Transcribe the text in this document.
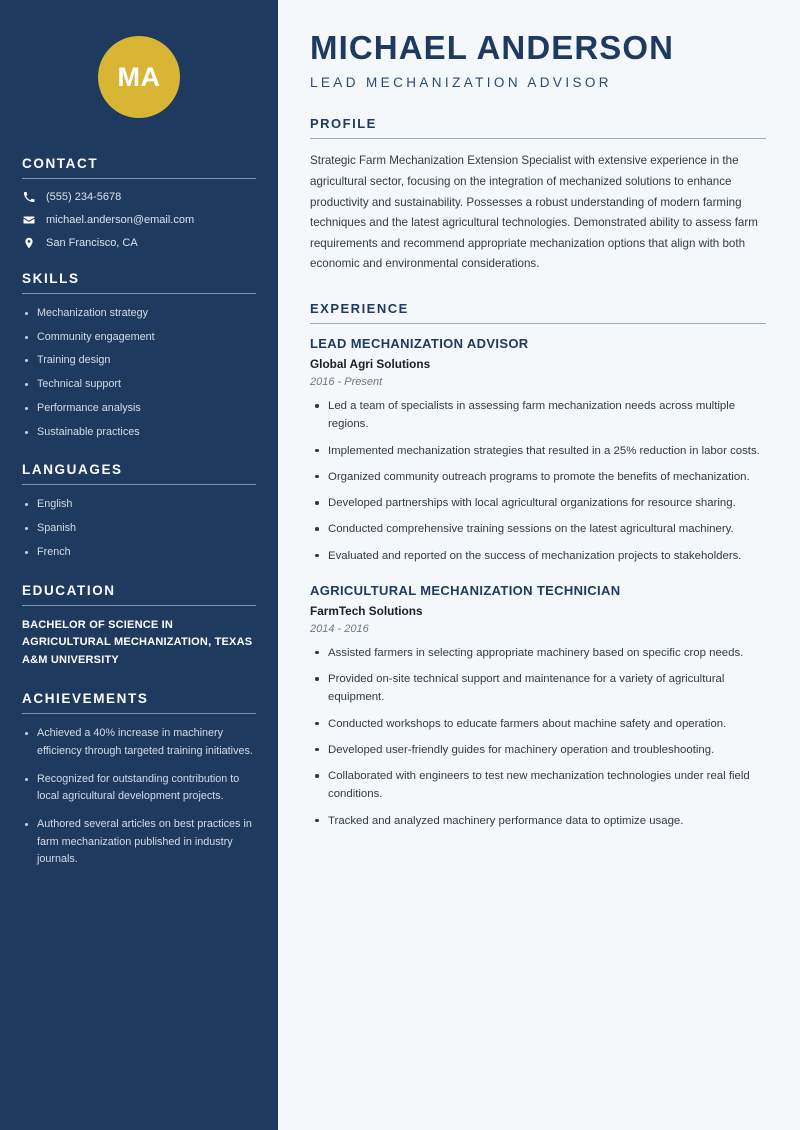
MA
CONTACT
(555) 234-5678
michael.anderson@email.com
San Francisco, CA
SKILLS
Mechanization strategy
Community engagement
Training design
Technical support
Performance analysis
Sustainable practices
LANGUAGES
English
Spanish
French
EDUCATION
BACHELOR OF SCIENCE IN AGRICULTURAL MECHANIZATION, TEXAS A&M UNIVERSITY
ACHIEVEMENTS
Achieved a 40% increase in machinery efficiency through targeted training initiatives.
Recognized for outstanding contribution to local agricultural development projects.
Authored several articles on best practices in farm mechanization published in industry journals.
MICHAEL ANDERSON
LEAD MECHANIZATION ADVISOR
PROFILE

Strategic Farm Mechanization Extension Specialist with extensive experience in the agricultural sector, focusing on the integration of mechanized solutions to enhance productivity and sustainability. Possesses a robust understanding of modern farming techniques and the latest agricultural technologies. Demonstrated ability to assess farm requirements and recommend appropriate mechanization options that align with both economic and environmental considerations.

EXPERIENCE
LEAD MECHANIZATION ADVISOR
Global Agri Solutions
2016 - Present
Led a team of specialists in assessing farm mechanization needs across multiple regions.
Implemented mechanization strategies that resulted in a 25% reduction in labor costs.
Organized community outreach programs to promote the benefits of mechanization.
Developed partnerships with local agricultural organizations for resource sharing.
Conducted comprehensive training sessions on the latest agricultural machinery.
Evaluated and reported on the success of mechanization projects to stakeholders.
AGRICULTURAL MECHANIZATION TECHNICIAN
FarmTech Solutions
2014 - 2016
Assisted farmers in selecting appropriate machinery based on specific crop needs.
Provided on-site technical support and maintenance for a variety of agricultural equipment.
Conducted workshops to educate farmers about machine safety and operation.
Developed user-friendly guides for machinery operation and troubleshooting.
Collaborated with engineers to test new mechanization technologies under real field conditions.
Tracked and analyzed machinery performance data to optimize usage.
